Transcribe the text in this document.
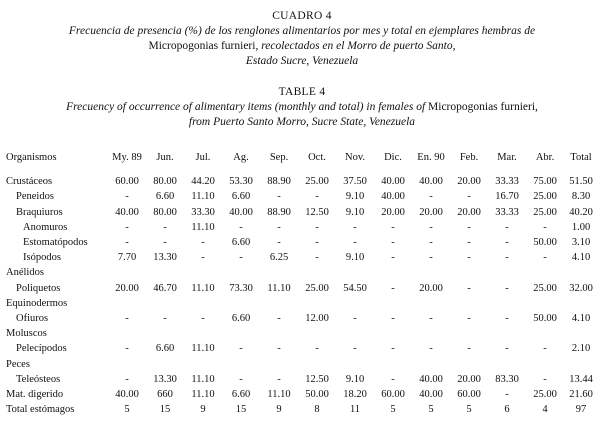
CUADRO 4
Frecuencia de presencia (%) de los renglones alimentarios por mes y total en ejemplares hembras de
Micropogonias furnieri, recolectados en el Morro de puerto Santo,
Estado Sucre, Venezuela
TABLE 4
Frecuency of occurrence of alimentary items (monthly and total) in females of Micropogonias furnieri,
from Puerto Santo Morro, Sucre State, Venezuela
Organismos	My. 89	Jun.	Jul.	Ag.	Sep.	Oct.	Nov.	Dic.	En. 90	Feb.	Mar.	Abr.	Total

Crustáceos	60.00	80.00	44.20	53.30	88.90	25.00	37.50	40.00	40.00	20.00	33.33	75.00	51.50
Peneidos	-	6.60	11.10	6.60	-	-	9.10	40.00	-	-	16.70	25.00	8.30
Braquiuros	40.00	80.00	33.30	40.00	88.90	12.50	9.10	20.00	20.00	20.00	33.33	25.00	40.20
Anomuros	-	-	11.10	-	-	-	-	-	-	-	-	-	1.00
Estomatópodos	-	-	-	6.60	-	-	-	-	-	-	-	50.00	3.10
Isópodos	7.70	13.30	-	-	6.25	-	9.10	-	-	-	-	-	4.10
Anélidos													
Poliquetos	20.00	46.70	11.10	73.30	11.10	25.00	54.50	-	20.00	-	-	25.00	32.00
Equinodermos													
Ofiuros	-	-	-	6.60	-	12.00	-	-	-	-	-	50.00	4.10
Moluscos													
Pelecípodos	-	6.60	11.10	-	-	-	-	-	-	-	-	-	2.10
Peces													
Teleósteos	-	13.30	11.10	-	-	12.50	9.10	-	40.00	20.00	83.30	-	13.44
Mat. digerido	40.00	660	11.10	6.60	11.10	50.00	18.20	60.00	40.00	60.00	-	25.00	21.60
Total estómagos	5	15	9	15	9	8	11	5	5	5	6	4	97
